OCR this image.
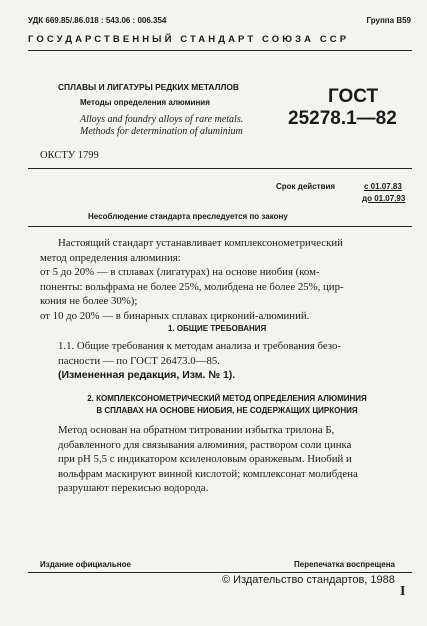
УДК 669.85/.86.018 : 543.06 : 006.354	Группа В59
ГОСУДАРСТВЕННЫЙ СТАНДАРТ СОЮЗА ССР
СПЛАВЫ И ЛИГАТУРЫ РЕДКИХ МЕТАЛЛОВ
Методы определения алюминия
Alloys and foundry alloys of rare metals.
Methods for determination of aluminium
ГОСТ
25278.1—82
ОКСТУ 1799
Срок действия	с 01.07.83
до 01.07.93
Несоблюдение стандарта преследуется по закону

Настоящий стандарт устанавливает комплексонометрический

метод определения алюминия:

от 5 до 20% — в сплавах (лигатурах) на основе ниобия (ком-

поненты: вольфрама не более 25%, молибдена не более 25%, цир-

кония не более 30%);

от 10 до 20% — в бинарных сплавах цирконий-алюминий.

1. ОБЩИЕ ТРЕБОВАНИЯ

1.1. Общие требования к методам анализа и требования безо-

пасности — по ГОСТ 26473.0—85.

(Измененная редакция, Изм. № 1).

2. КОМПЛЕКСОНОМЕТРИЧЕСКИЙ МЕТОД ОПРЕДЕЛЕНИЯ АЛЮМИНИЯ
В СПЛАВАХ НА ОСНОВЕ НИОБИЯ, НЕ СОДЕРЖАЩИХ ЦИРКОНИЯ

Метод основан на обратном титровании избытка трилона Б,

добавленного для связывания алюминия, раствором соли цинка

при рН 5,5 с индикатором ксиленоловым оранжевым. Ниобий и

вольфрам маскируют винной кислотой; комплексонат молибдена

разрушают перекисью водорода.

Издание официальное	Перепечатка воспрещена
© Издательство стандартов, 1988
I
